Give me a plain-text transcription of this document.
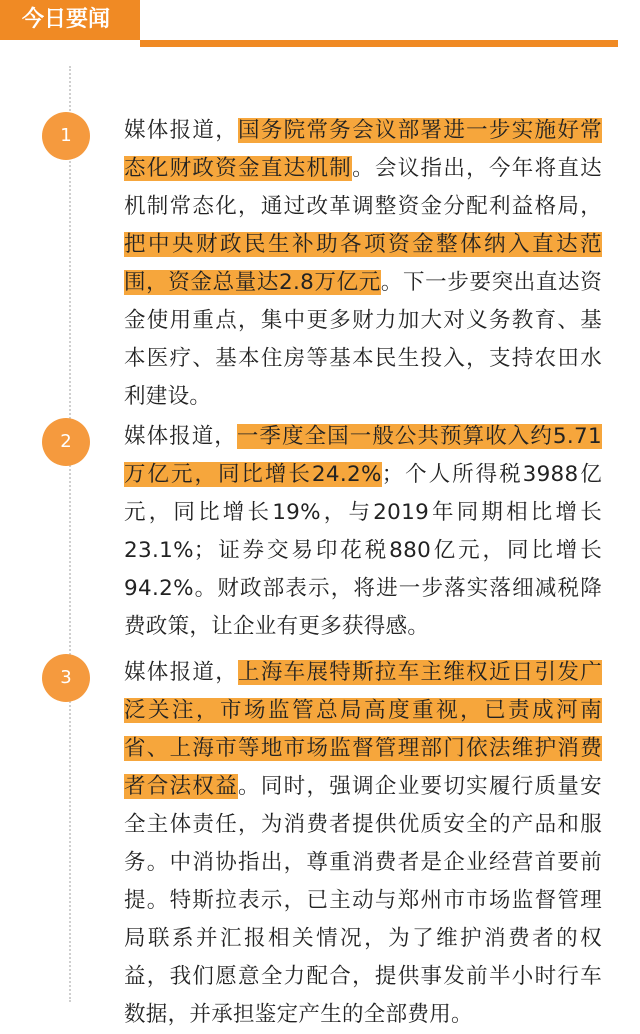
今日要闻
1	媒体报道，国务院常务会议部署进一步实施好常态化财政资金直达机制。会议指出，今年将直达机制常态化，通过改革调整资金分配利益格局，把中央财政民生补助各项资金整体纳入直达范围，资金总量达2.8万亿元。下一步要突出直达资金使用重点，集中更多财力加大对义务教育、基本医疗、基本住房等基本民生投入，支持农田水利建设。
2	媒体报道，一季度全国一般公共预算收入约5.71万亿元，同比增长24.2%；个人所得税3988亿元，同比增长19%，与2019年同期相比增长23.1%；证券交易印花税880亿元，同比增长94.2%。财政部表示，将进一步落实落细减税降费政策，让企业有更多获得感。
3	媒体报道，上海车展特斯拉车主维权近日引发广泛关注，市场监管总局高度重视，已责成河南省、上海市等地市场监督管理部门依法维护消费者合法权益。同时，强调企业要切实履行质量安全主体责任，为消费者提供优质安全的产品和服务。中消协指出，尊重消费者是企业经营首要前提。特斯拉表示，已主动与郑州市市场监督管理局联系并汇报相关情况，为了维护消费者的权益，我们愿意全力配合，提供事发前半小时行车数据，并承担鉴定产生的全部费用。
